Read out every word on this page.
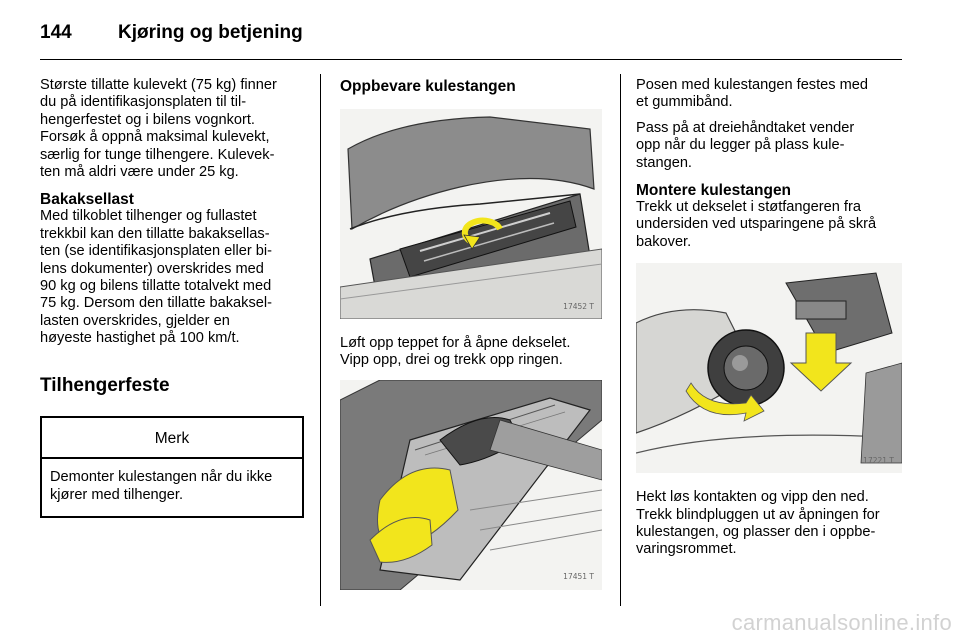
144	Kjøring og betjening

Største tillatte kulevekt (75 kg) finner
du på identifikasjonsplaten til til-
hengerfestet og i bilens vognkort.
Forsøk å oppnå maksimal kulevekt,
særlig for tunge tilhengere. Kulevek-
ten må aldri være under 25 kg.

Bakaksellast

Med tilkoblet tilhenger og fullastet
trekkbil kan den tillatte bakaksellas-
ten (se identifikasjonsplaten eller bi-
lens dokumenter) overskrides med
90 kg og bilens tillatte totalvekt med
75 kg. Dersom den tillatte bakaksel-
lasten overskrides, gjelder en
høyeste hastighet på 100 km/t.

Tilhengerfeste
Merk
Demonter kulestangen når du ikke
kjører med tilhenger.
Oppbevare kulestangen
17452 T

Løft opp teppet for å åpne dekselet.
Vipp opp, drei og trekk opp ringen.

17451 T

Posen med kulestangen festes med
et gummibånd.

Pass på at dreiehåndtaket vender
opp når du legger på plass kule-
stangen.

Montere kulestangen

Trekk ut dekselet i støtfangeren fra
undersiden ved utsparingene på skrå
bakover.

17221 T

Hekt løs kontakten og vipp den ned.
Trekk blindpluggen ut av åpningen for
kulestangen, og plasser den i oppbe-
varingsrommet.

carmanualsonline.info
